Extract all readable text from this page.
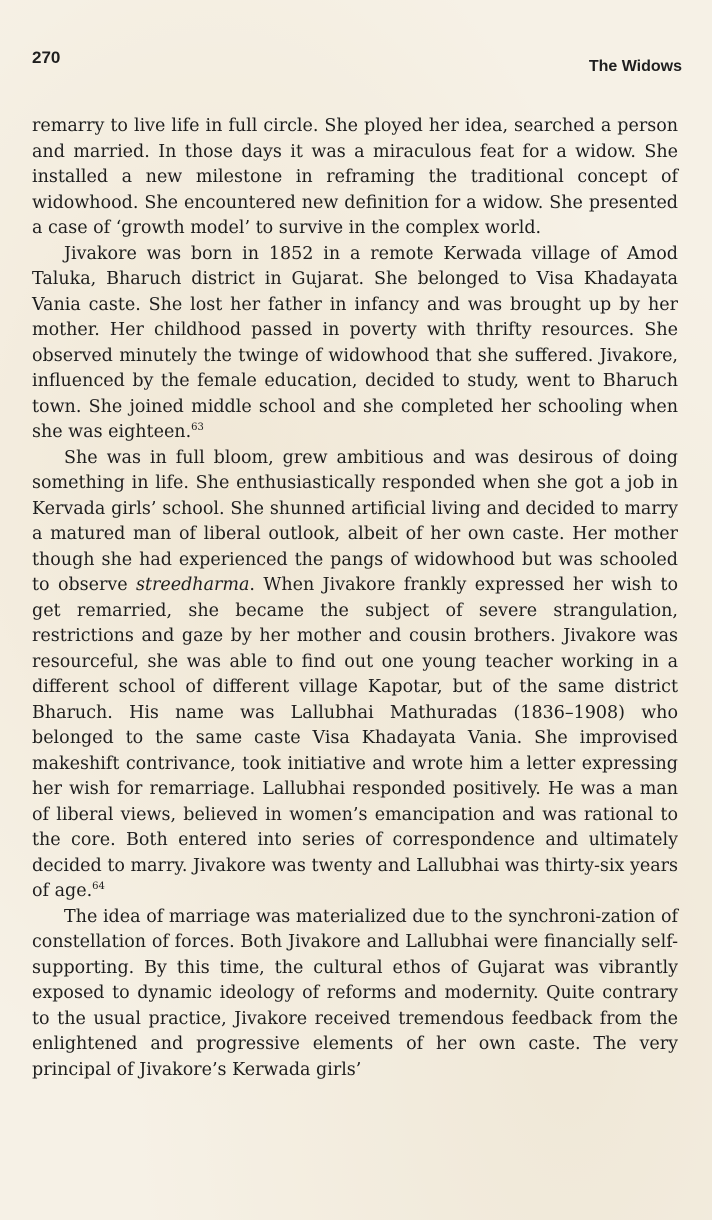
270	The Widows

remarry to live life in full circle. She ployed her idea, searched a person and married. In those days it was a miraculous feat for a widow. She installed a new milestone in reframing the traditional concept of widowhood. She encountered new definition for a widow. She presented a case of ‘growth model’ to survive in the complex world.

Jivakore was born in 1852 in a remote Kerwada village of Amod Taluka, Bharuch district in Gujarat. She belonged to Visa Khadayata Vania caste. She lost her father in infancy and was brought up by her mother. Her childhood passed in poverty with thrifty resources. She observed minutely the twinge of widowhood that she suffered. Jivakore, influenced by the female education, decided to study, went to Bharuch town. She joined middle school and she completed her schooling when she was eighteen.$^{63}$

She was in full bloom, grew ambitious and was desirous of doing something in life. She enthusiastically responded when she got a job in Kervada girls’ school. She shunned artificial living and decided to marry a matured man of liberal outlook, albeit of her own caste. Her mother though she had experienced the pangs of widowhood but was schooled to observe streedharma. When Jivakore frankly expressed her wish to get remarried, she became the subject of severe strangulation, restrictions and gaze by her mother and cousin brothers. Jivakore was resourceful, she was able to find out one young teacher working in a different school of different village Kapotar, but of the same district Bharuch. His name was Lallubhai Mathuradas (1836–1908) who belonged to the same caste Visa Khadayata Vania. She improvised makeshift contrivance, took initiative and wrote him a letter expressing her wish for remarriage. Lallubhai responded positively. He was a man of liberal views, believed in women’s emancipation and was rational to the core. Both entered into series of correspondence and ultimately decided to marry. Jivakore was twenty and Lallubhai was thirty-six years of age.$^{64}$

The idea of marriage was materialized due to the synchroni-zation of constellation of forces. Both Jivakore and Lallubhai were financially self-supporting. By this time, the cultural ethos of Gujarat was vibrantly exposed to dynamic ideology of reforms and modernity. Quite contrary to the usual practice, Jivakore received tremendous feedback from the enlightened and progressive elements of her own caste. The very principal of Jivakore’s Kerwada girls’
